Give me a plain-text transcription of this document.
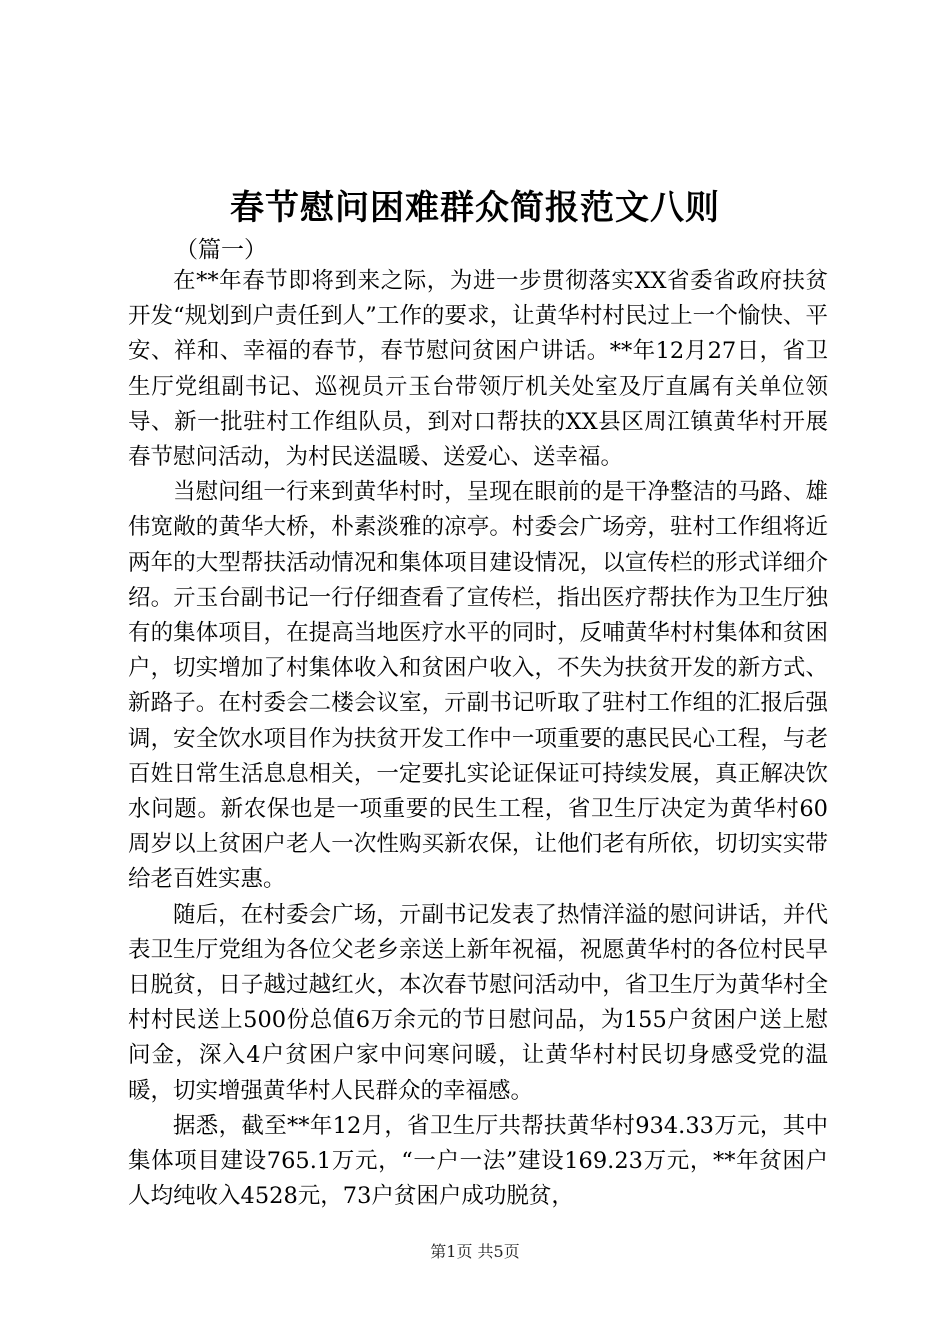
春节慰问困难群众简报范文八则
（篇一）

在**年春节即将到来之际，为进一步贯彻落实XX省委省政府扶贫开发“规划到户责任到人”工作的要求，让黄华村村民过上一个愉快、平安、祥和、幸福的春节，春节慰问贫困户讲话。**年12月27日，省卫生厅党组副书记、巡视员亓玉台带领厅机关处室及厅直属有关单位领导、新一批驻村工作组队员，到对口帮扶的XX县区周江镇黄华村开展春节慰问活动，为村民送温暖、送爱心、送幸福。

当慰问组一行来到黄华村时，呈现在眼前的是干净整洁的马路、雄伟宽敞的黄华大桥，朴素淡雅的凉亭。村委会广场旁，驻村工作组将近两年的大型帮扶活动情况和集体项目建设情况，以宣传栏的形式详细介绍。亓玉台副书记一行仔细查看了宣传栏，指出医疗帮扶作为卫生厅独有的集体项目，在提高当地医疗水平的同时，反哺黄华村村集体和贫困户，切实增加了村集体收入和贫困户收入，不失为扶贫开发的新方式、新路子。在村委会二楼会议室，亓副书记听取了驻村工作组的汇报后强调，安全饮水项目作为扶贫开发工作中一项重要的惠民民心工程，与老百姓日常生活息息相关，一定要扎实论证保证可持续发展，真正解决饮水问题。新农保也是一项重要的民生工程，省卫生厅决定为黄华村60周岁以上贫困户老人一次性购买新农保，让他们老有所依，切切实实带给老百姓实惠。

随后，在村委会广场，亓副书记发表了热情洋溢的慰问讲话，并代表卫生厅党组为各位父老乡亲送上新年祝福，祝愿黄华村的各位村民早日脱贫，日子越过越红火，本次春节慰问活动中，省卫生厅为黄华村全村村民送上500份总值6万余元的节日慰问品，为155户贫困户送上慰问金，深入4户贫困户家中问寒问暖，让黄华村村民切身感受党的温暖，切实增强黄华村人民群众的幸福感。

据悉，截至**年12月，省卫生厅共帮扶黄华村934.33万元，其中集体项目建设765.1万元，“一户一法”建设169.23万元，**年贫困户人均纯收入4528元，73户贫困户成功脱贫，

第1页 共5页
